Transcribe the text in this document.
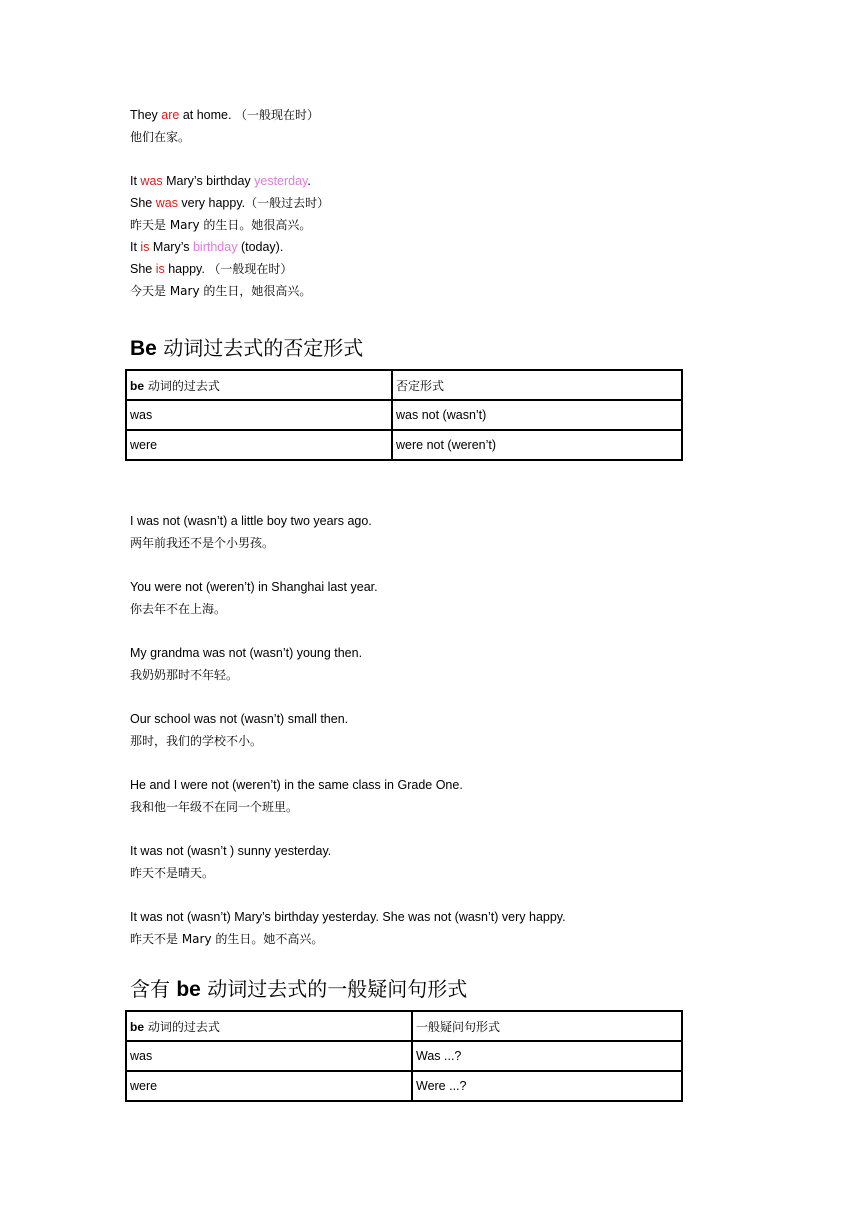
They are at home. （一般现在时）
他们在家。
It was Mary’s birthday yesterday.
She was very happy.（一般过去时）
昨天是 Mary 的生日。她很高兴。
It is Mary’s birthday (today).
She is happy. （一般现在时）
今天是 Mary 的生日，她很高兴。
Be 动词过去式的否定形式
be 动词的过去式	否定形式
was	was not (wasn’t)
were	were not (weren’t)
I was not (wasn’t) a little boy two years ago.
两年前我还不是个小男孩。
You were not (weren’t) in Shanghai last year.
你去年不在上海。
My grandma was not (wasn’t) young then.
我奶奶那时不年轻。
Our school was not (wasn’t) small then.
那时，我们的学校不小。
He and I were not (weren’t) in the same class in Grade One.
我和他一年级不在同一个班里。
It was not (wasn’t ) sunny yesterday.
昨天不是晴天。
It was not (wasn’t) Mary’s birthday yesterday. She was not (wasn’t) very happy.
昨天不是 Mary 的生日。她不高兴。
含有 be 动词过去式的一般疑问句形式
be 动词的过去式	一般疑问句形式
was	Was ...?
were	Were ...?
